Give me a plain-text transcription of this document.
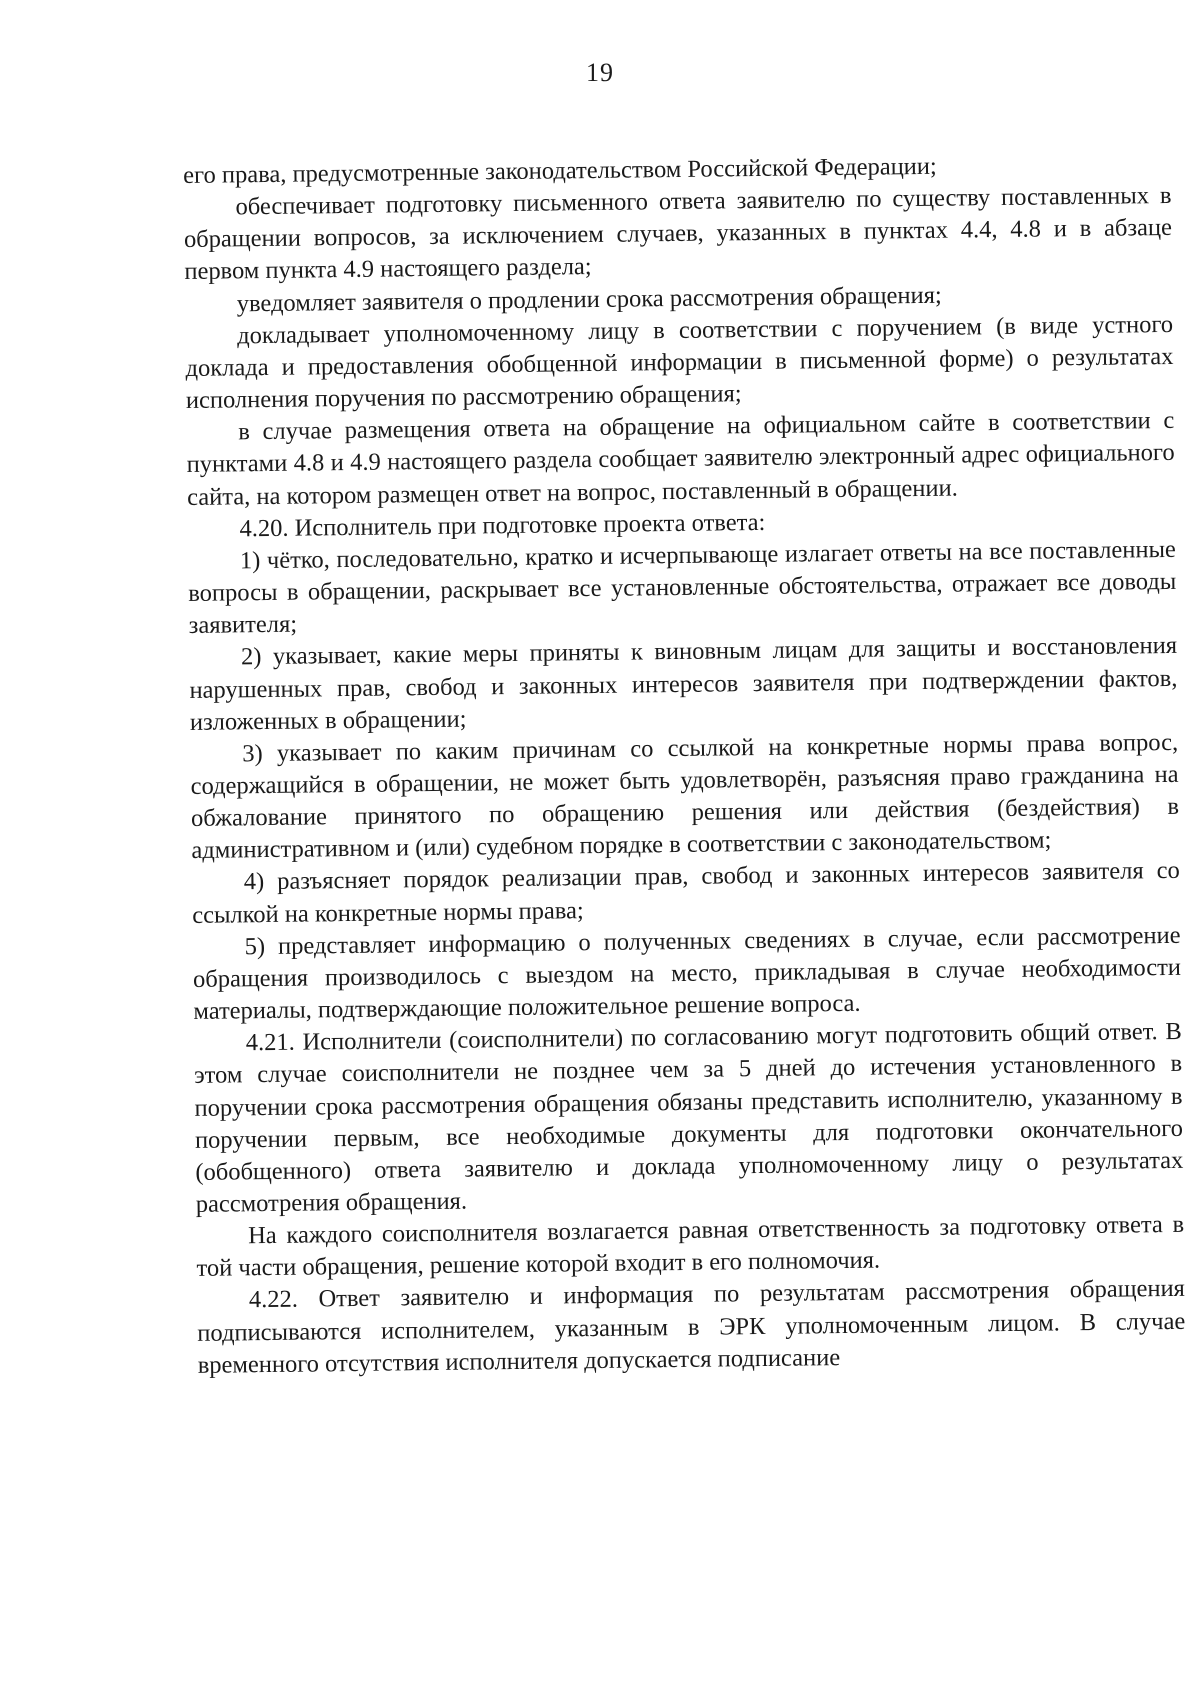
19

его права, предусмотренные законодательством Российской Федерации;

обеспечивает подготовку письменного ответа заявителю по существу поставленных в обращении вопросов, за исключением случаев, указанных в пунктах 4.4, 4.8 и в абзаце первом пункта 4.9 настоящего раздела;

уведомляет заявителя о продлении срока рассмотрения обращения;

докладывает уполномоченному лицу в соответствии с поручением (в виде устного доклада и предоставления обобщенной информации в письменной форме) о результатах исполнения поручения по рассмотрению обращения;

в случае размещения ответа на обращение на официальном сайте в соответствии с пунктами 4.8 и 4.9 настоящего раздела сообщает заявителю электронный адрес официального сайта, на котором размещен ответ на вопрос, поставленный в обращении.

4.20. Исполнитель при подготовке проекта ответа:

1) чётко, последовательно, кратко и исчерпывающе излагает ответы на все поставленные вопросы в обращении, раскрывает все установленные обстоятельства, отражает все доводы заявителя;

2) указывает, какие меры приняты к виновным лицам для защиты и восстановления нарушенных прав, свобод и законных интересов заявителя при подтверждении фактов, изложенных в обращении;

3) указывает по каким причинам со ссылкой на конкретные нормы права вопрос, содержащийся в обращении, не может быть удовлетворён, разъясняя право гражданина на обжалование принятого по обращению решения или действия (бездействия) в административном и (или) судебном порядке в соответствии с законодательством;

4) разъясняет порядок реализации прав, свобод и законных интересов заявителя со ссылкой на конкретные нормы права;

5) представляет информацию о полученных сведениях в случае, если рассмотрение обращения производилось с выездом на место, прикладывая в случае необходимости материалы, подтверждающие положительное решение вопроса.

4.21. Исполнители (соисполнители) по согласованию могут подготовить общий ответ. В этом случае соисполнители не позднее чем за 5 дней до истечения установленного в поручении срока рассмотрения обращения обязаны представить исполнителю, указанному в поручении первым, все необходимые документы для подготовки окончательного (обобщенного) ответа заявителю и доклада уполномоченному лицу о результатах рассмотрения обращения.

На каждого соисполнителя возлагается равная ответственность за подготовку ответа в той части обращения, решение которой входит в его полномочия.

4.22. Ответ заявителю и информация по результатам рассмотрения обращения подписываются исполнителем, указанным в ЭРК уполномоченным лицом. В случае временного отсутствия исполнителя допускается подписание
